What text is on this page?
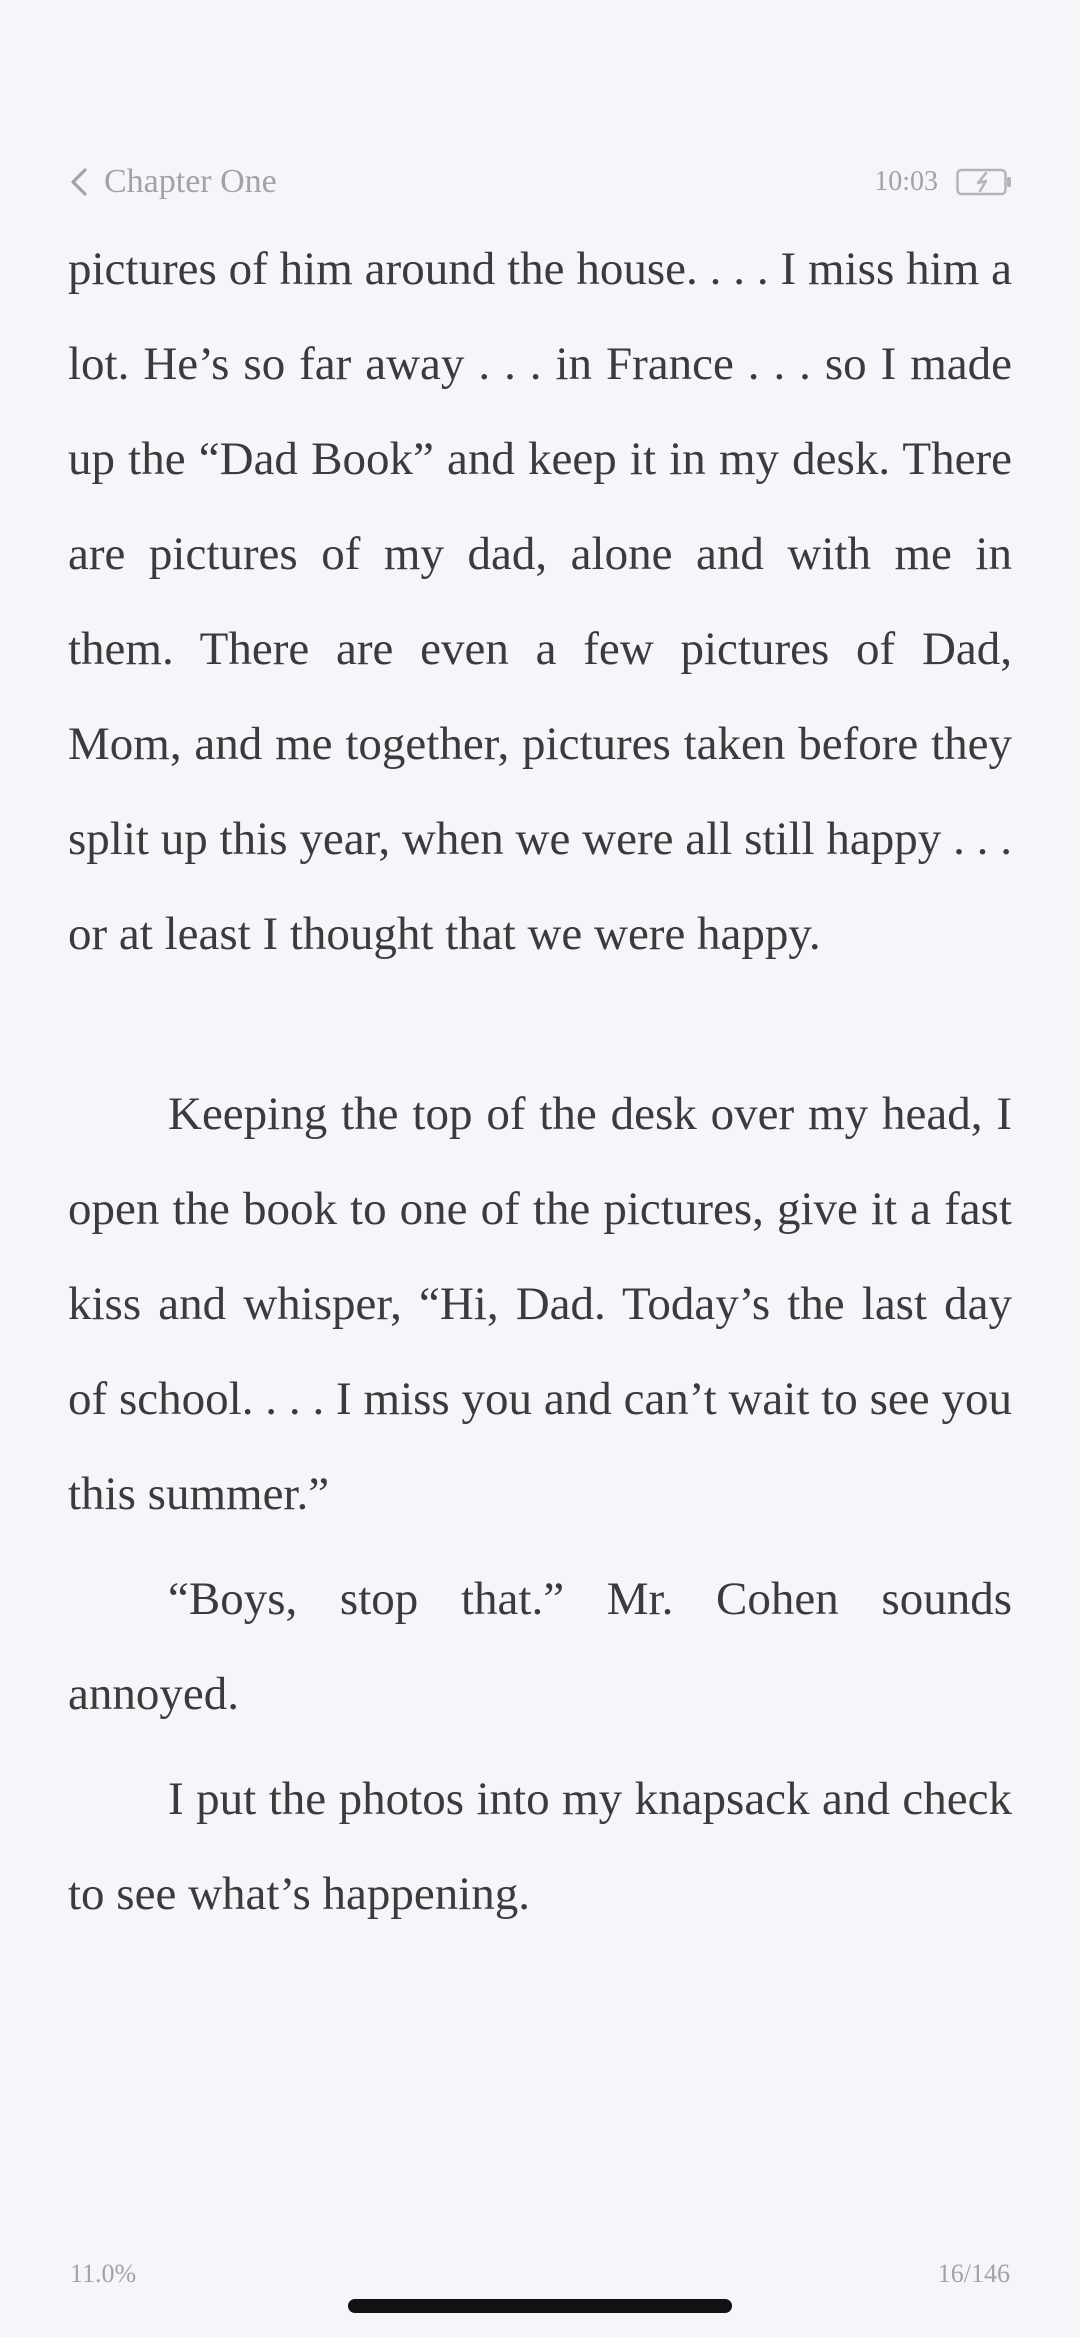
Chapter One	10:03

pictures of him around the house. . . . I miss him a lot. He’s so far away . . . in France . . . so I made up the “Dad Book” and keep it in my desk. There are pictures of my dad, alone and with me in them. There are even a few pictures of Dad, Mom, and me together, pictures taken before they split up this year, when we were all still happy . . . or at least I thought that we were happy.

Keeping the top of the desk over my head, I open the book to one of the pictures, give it a fast kiss and whisper, “Hi, Dad. Today’s the last day of school. . . . I miss you and can’t wait to see you this summer.”

“Boys, stop that.” Mr. Cohen sounds annoyed.

I put the photos into my knapsack and check to see what’s happening.

11.0%	16/146
